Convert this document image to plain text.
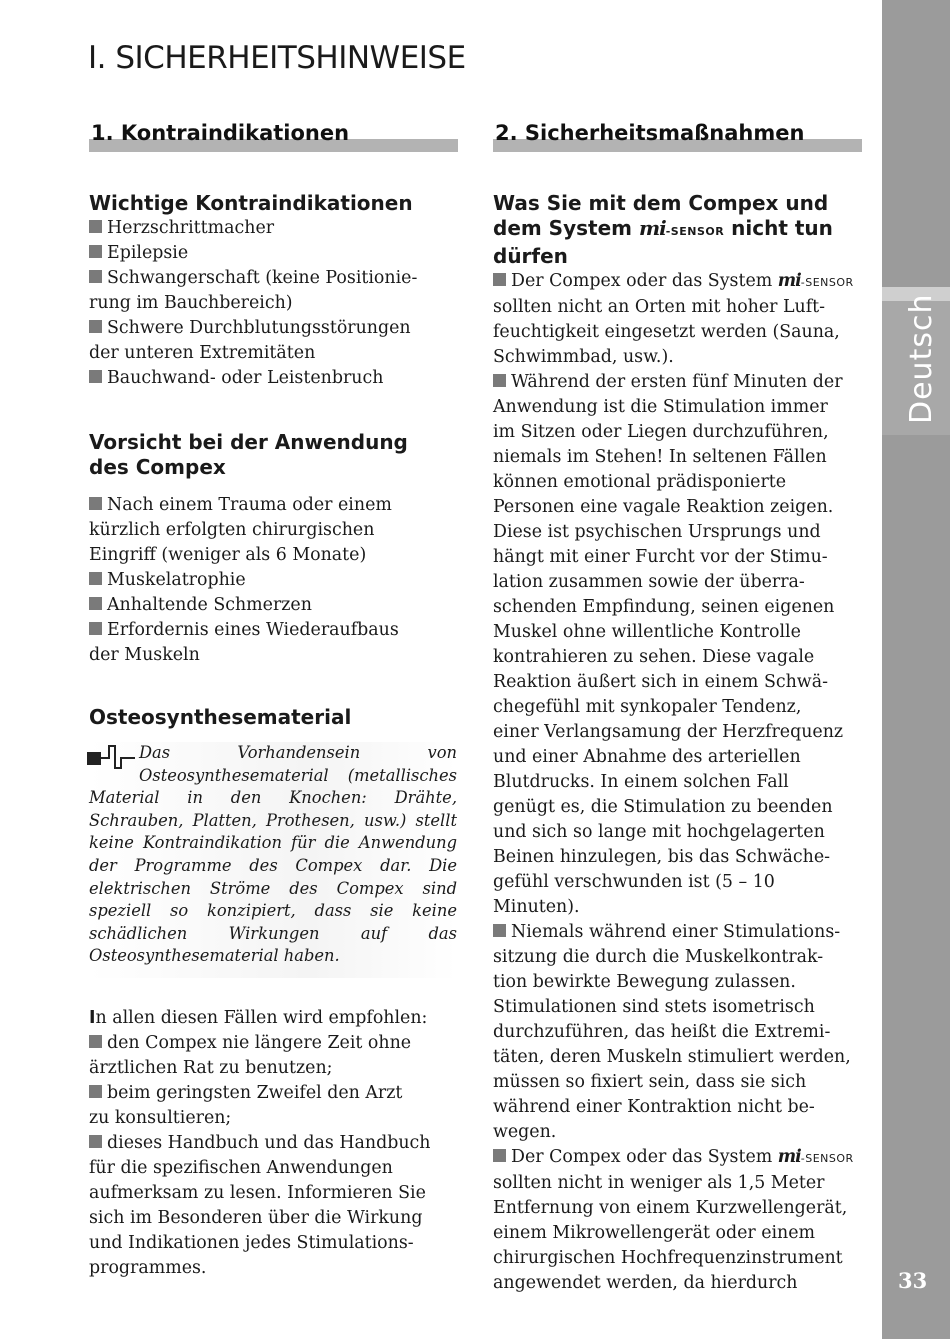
I. SICHERHEITSHINWEISE
Deutsch
33
1. Kontraindikationen

Wichtige Kontraindikationen

Herzschrittmacher

Epilepsie

Schwangerschaft (keine Positionie-

rung im Bauchbereich)

Schwere Durchblutungsstörungen

der unteren Extremitäten

Bauchwand- oder Leistenbruch

Vorsicht bei der Anwendung

des Compex

Nach einem Trauma oder einem

kürzlich erfolgten chirurgischen

Eingriff (weniger als 6 Monate)

Muskelatrophie

Anhaltende Schmerzen

Erfordernis eines Wiederaufbaus

der Muskeln

Osteosynthesematerial

Das Vorhandensein von Osteosynthesematerial (metallisches Material in den Knochen: Drähte, Schrauben, Platten, Prothesen, usw.) stellt keine Kontraindikation für die Anwendung der Programme des Compex dar. Die elektrischen Ströme des Compex sind speziell so konzipiert, dass sie keine schädlichen Wirkungen auf das Osteosynthesematerial haben.

In allen diesen Fällen wird empfohlen:

den Compex nie längere Zeit ohne

ärztlichen Rat zu benutzen;

beim geringsten Zweifel den Arzt

zu konsultieren;

dieses Handbuch und das Handbuch

für die spezifischen Anwendungen

aufmerksam zu lesen. Informieren Sie

sich im Besonderen über die Wirkung

und Indikationen jedes Stimulations-

programmes.

2. Sicherheitsmaßnahmen

Was Sie mit dem Compex und

dem System mi-SENSOR nicht tun

dürfen

Der Compex oder das System mi-SENSOR

sollten nicht an Orten mit hoher Luft-

feuchtigkeit eingesetzt werden (Sauna,

Schwimmbad, usw.).

Während der ersten fünf Minuten der

Anwendung ist die Stimulation immer

im Sitzen oder Liegen durchzuführen,

niemals im Stehen! In seltenen Fällen

können emotional prädisponierte

Personen eine vagale Reaktion zeigen.

Diese ist psychischen Ursprungs und

hängt mit einer Furcht vor der Stimu-

lation zusammen sowie der überra-

schenden Empfindung, seinen eigenen

Muskel ohne willentliche Kontrolle

kontrahieren zu sehen. Diese vagale

Reaktion äußert sich in einem Schwä-

chegefühl mit synkopaler Tendenz,

einer Verlangsamung der Herzfrequenz

und einer Abnahme des arteriellen

Blutdrucks. In einem solchen Fall

genügt es, die Stimulation zu beenden

und sich so lange mit hochgelagerten

Beinen hinzulegen, bis das Schwäche-

gefühl verschwunden ist (5 – 10

Minuten).

Niemals während einer Stimulations-

sitzung die durch die Muskelkontrak-

tion bewirkte Bewegung zulassen.

Stimulationen sind stets isometrisch

durchzuführen, das heißt die Extremi-

täten, deren Muskeln stimuliert werden,

müssen so fixiert sein, dass sie sich

während einer Kontraktion nicht be-

wegen.

Der Compex oder das System mi-SENSOR

sollten nicht in weniger als 1,5 Meter

Entfernung von einem Kurzwellengerät,

einem Mikrowellengerät oder einem

chirurgischen Hochfrequenzinstrument

angewendet werden, da hierdurch
